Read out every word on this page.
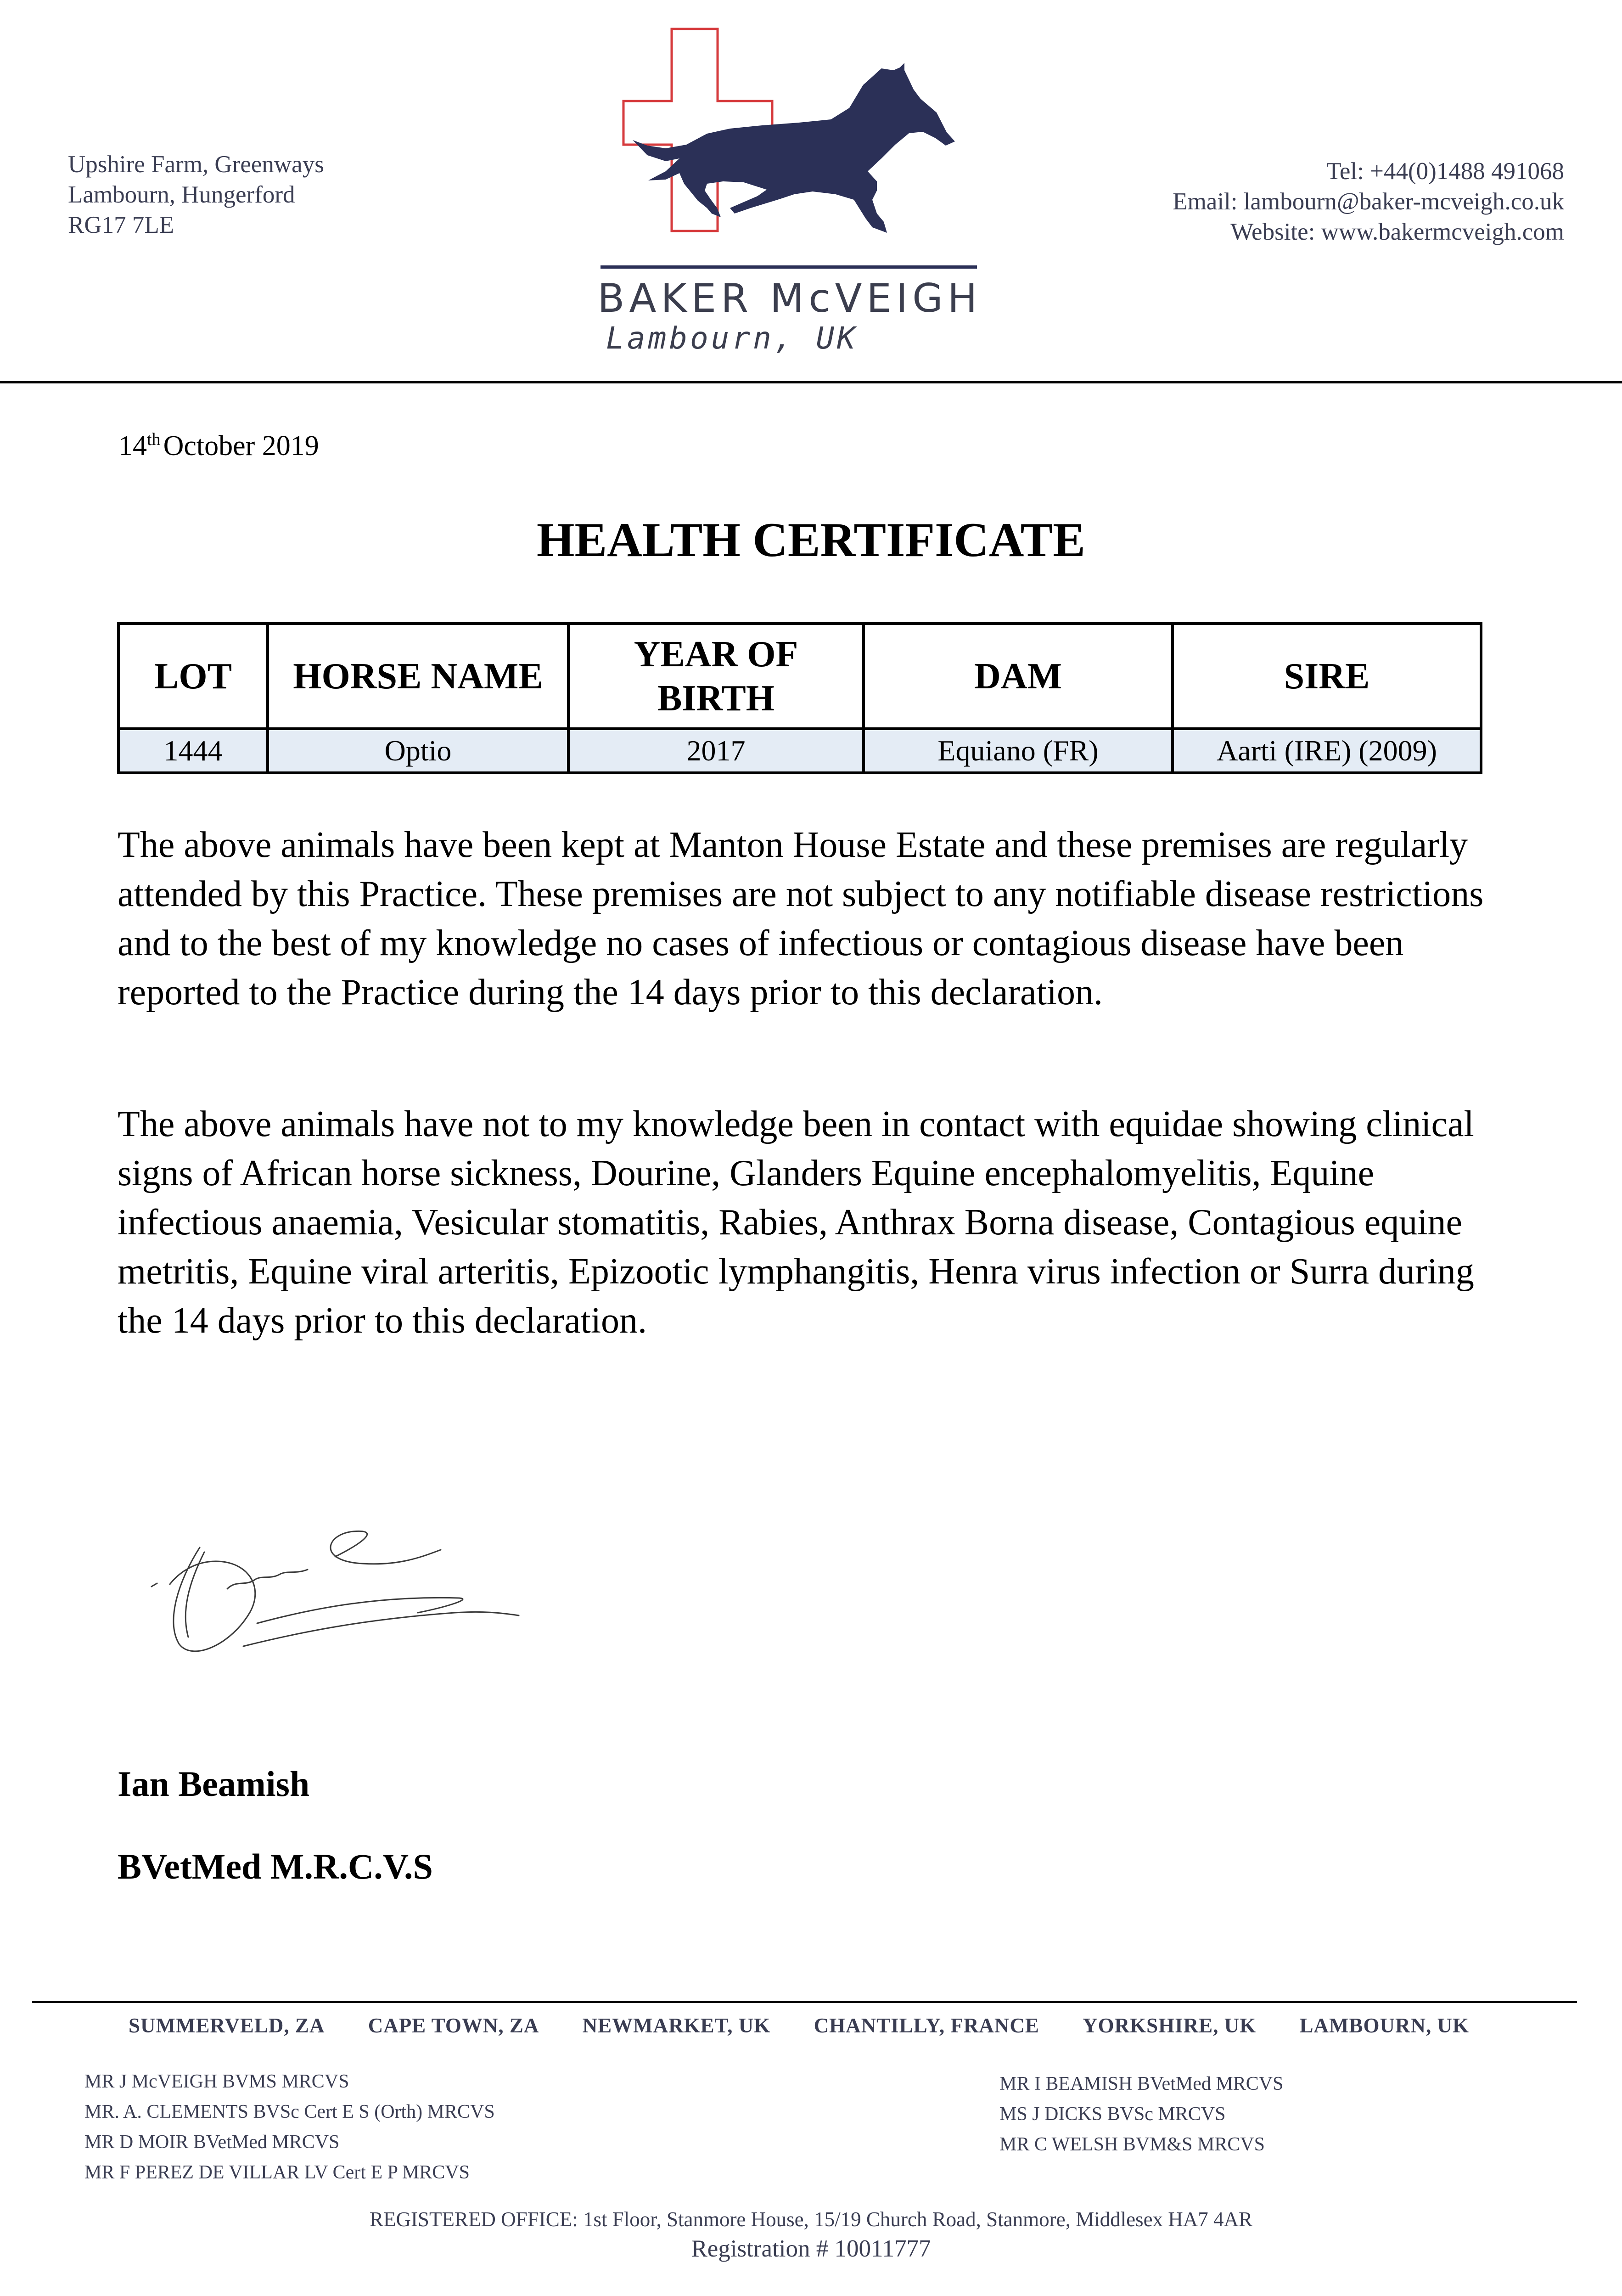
Upshire Farm, Greenways
Lambourn, Hungerford
RG17 7LE
BAKER McVEIGH
Lambourn, UK
Tel: +44(0)1488 491068
Email: lambourn@baker-mcveigh.co.uk
Website: www.bakermcveigh.com
14thOctober 2019
HEALTH CERTIFICATE
LOT	HORSE NAME	YEAR OF BIRTH	DAM	SIRE
1444	Optio	2017	Equiano (FR)	Aarti (IRE) (2009)
The above animals have been kept at Manton House Estate and these premises are regularly attended by this Practice. These premises are not subject to any notifiable disease restrictions and to the best of my knowledge no cases of infectious or contagious disease have been reported to the Practice during the 14 days prior to this declaration.
The above animals have not to my knowledge been in contact with equidae showing clinical signs of African horse sickness, Dourine, Glanders Equine encephalomyelitis, Equine infectious anaemia, Vesicular stomatitis, Rabies, Anthrax Borna disease, Contagious equine metritis, Equine viral arteritis, Epizootic lymphangitis, Henra virus infection or Surra during the 14 days prior to this declaration.
Ian Beamish
BVetMed M.R.C.V.S
SUMMERVELD, ZA CAPE TOWN, ZA NEWMARKET, UK CHANTILLY, FRANCE YORKSHIRE, UK LAMBOURN, UK
MR J McVEIGH BVMS MRCVS
MR. A. CLEMENTS BVSc Cert E S (Orth) MRCVS
MR D MOIR BVetMed MRCVS
MR F PEREZ DE VILLAR LV Cert E P MRCVS
MR I BEAMISH BVetMed MRCVS
MS J DICKS BVSc MRCVS
MR C WELSH BVM&S MRCVS
REGISTERED OFFICE: 1st Floor, Stanmore House, 15/19 Church Road, Stanmore, Middlesex HA7 4AR
Registration # 10011777
